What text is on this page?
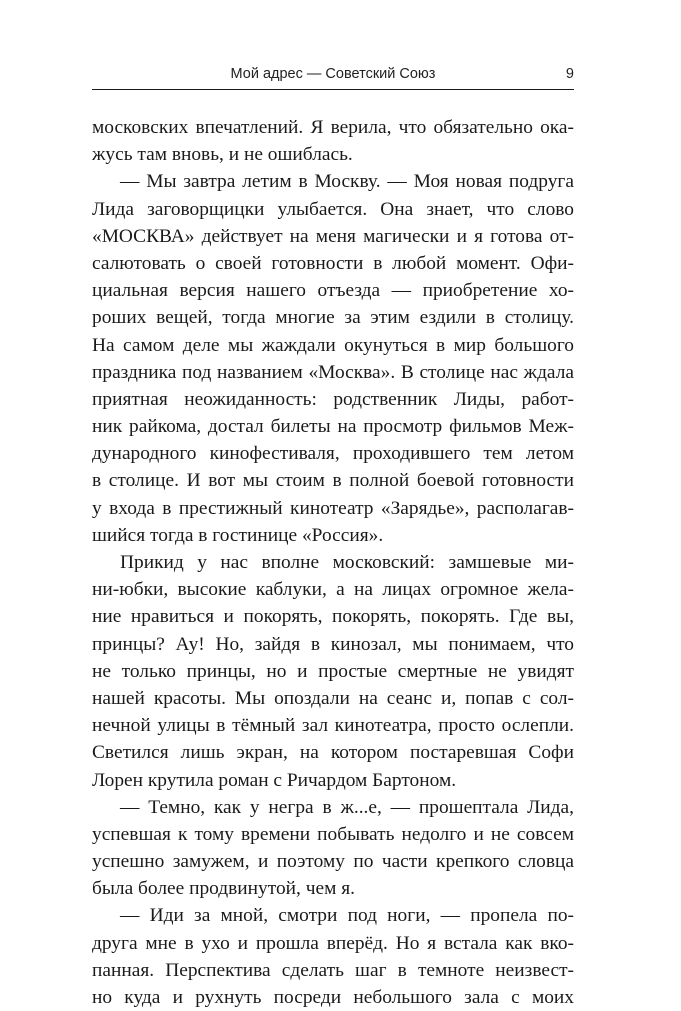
Мой адрес — Советский Союз	9
московских впечатлений. Я верила, что обязательно ока-
жусь там вновь, и не ошиблась.
— Мы завтра летим в Москву. — Моя новая подруга
Лида заговорщицки улыбается. Она знает, что слово
«МОСКВА» действует на меня магически и я готова от-
салютовать о своей готовности в любой момент. Офи-
циальная версия нашего отъезда — приобретение хо-
роших вещей, тогда многие за этим ездили в столицу.
На самом деле мы жаждали окунуться в мир большого
праздника под названием «Москва». В столице нас ждала
приятная неожиданность: родственник Лиды, работ-
ник райкома, достал билеты на просмотр фильмов Меж-
дународного кинофестиваля, проходившего тем летом
в столице. И вот мы стоим в полной боевой готовности
у входа в престижный кинотеатр «Зарядье», располагав-
шийся тогда в гостинице «Россия».
Прикид у нас вполне московский: замшевые ми-
ни-юбки, высокие каблуки, а на лицах огромное жела-
ние нравиться и покорять, покорять, покорять. Где вы,
принцы? Ау! Но, зайдя в кинозал, мы понимаем, что
не только принцы, но и простые смертные не увидят
нашей красоты. Мы опоздали на сеанс и, попав с сол-
нечной улицы в тёмный зал кинотеатра, просто ослепли.
Светился лишь экран, на котором постаревшая Софи
Лорен крутила роман с Ричардом Бартоном.
— Темно, как у негра в ж...е, — прошептала Лида,
успевшая к тому времени побывать недолго и не совсем
успешно замужем, и поэтому по части крепкого словца
была более продвинутой, чем я.
— Иди за мной, смотри под ноги, — пропела по-
друга мне в ухо и прошла вперёд. Но я встала как вко-
панная. Перспектива сделать шаг в темноте неизвест-
но куда и рухнуть посреди небольшого зала с моих
